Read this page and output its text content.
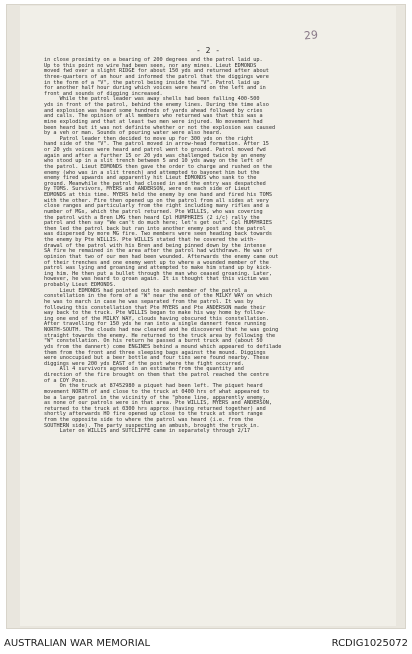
29
- 2 -
in close proximity on a bearing of 200 degrees and the patrol laid up.
Up to this point no wire had been seen, nor any mines. Lieut EDMONDS
moved fwd over a slight RIDGE for about 150 yds and returned after about
three-quarters of an hour and informed the patrol that the diggings were
in the form of a "V", the patrol being inside the "V". Patrol laid up
for another half hour during which voices were heard on the left and in
front and sounds of digging increased.
While the patrol leader was away shells had been falling 400-500
yds in front of the patrol, behind the enemy lines. During the time also
and explosion was heard some hundreds of yards ahead followed by cries
and calls. The opinion of all members who returned was that this was a
mine exploding and that at least two men were injured. No movement had
been heard but it was not definite whether or not the explosion was caused
by a veh or man. Sounds of pouring water were also heard.
Patrol leader then decided to move up for 300 yds on the right
hand side of the "V". The patrol moved in arrow-head formation. After 15
or 20 yds voices were heard and patrol went to ground. Patrol moved fwd
again and after a further 15 or 20 yds was challenged twice by an enemy
who stood up in a slit trench between 5 and 10 yds away on the left of
the patrol. Lieut EDMONDS then gave the order to charge and rushed on the
enemy (who was in a slit trench) and attempted to bayonet him but the
enemy fired upwards and apparently hit Lieut EDMONDS who sank to the
ground. Meanwhile the patrol had closed in and the entry was despatched
by TOMS. Survivors, MYERS and ANDERSON, were on each side of Lieut
EDMONDS at this time. MYERS held the enemy by one hand and fired his TOMS
with the other. Fire then opened up on the patrol from all sides at very
close ranges and particularly from the right including many rifles and a
number of MGs, which the patrol returned. Pte WILLIS, who was covering
the patrol with a Bren LMG then heard Cpl HUMPHRIES (2 i/c) rally the
patrol and then say "We can't do much here; let's get out". Cpl HUMPHRIES
then led the patrol back but ran into another enemy post and the patrol
was dispersed by more MG fire. Two members were seen heading back towards
the enemy by Pte WILLIS. Pte WILLIS stated that he covered the with-
drawal of the patrol with his Bren and being pinned down by the intense
SA fire he remained in the area after the patrol had withdrawn. He was of
opinion that two of our men had been wounded. Afterwards the enemy came out
of their trenches and one enemy went up to where a wounded member of the
patrol was lying and groaning and attempted to make him stand up by kick-
ing him. He then put a bullet through the man who ceased groaning. Later,
however, he was heard to groan again. It is thought that this victim was
probably Lieut EDMONDS.
Lieut EDMONDS had pointed out to each member of the patrol a
constellation in the form of a "W" near the end of the MILKY WAY on which
he was to march in case he was separated from the patrol. It was by
following this constellation that Pte MYERS and Pte ANDERSON made their
way back to the truck. Pte WILLIS began to make his way home by follow-
ing one end of the MILKY WAY, clouds having obscured this constellation.
After travelling for 150 yds he ran into a single dannert fence running
NORTH-SOUTH. The clouds had now cleared and he discovered that he was going
straight towards the enemy. He returned to the truck area by following the
"W" constellation. On his return he passed a burnt truck and (about 50
yds from the dannert) come ENGINES behind a mound which appeared to defilade
them from the front and three sleeping bags against the mound. Diggings
were unoccupied but a beer bottle and four tins were found nearby. These
diggings were 200 yds EAST of the post where the fight occurred.
All 4 survivors agreed in an estimate from the quantity and
direction of the fire brought on them that the patrol reached the centre
of a COY Posn.
On the truck at 87452980 a piquet had been left. The piquet heard
movement NORTH of and close to the truck at 0400 hrs of what appeared to
be a large patrol in the vicinity of the "phone line, apparently enemy,
as none of our patrols were in that area. Pte WILLIS, MYERS and ANDERSON,
returned to the truck at 0300 hrs approx (having returned together) and
shortly afterwards HO fire opened up close to the truck at short range
from the opposite side to where the patrol was heard (i.e. from the
SOUTHERN side). The party suspecting an ambush, brought the truck in.
Later on WILLIS and SUTCLIFFE came in separately through 2/17
AUSTRALIAN WAR MEMORIAL	RCDIG1025072
